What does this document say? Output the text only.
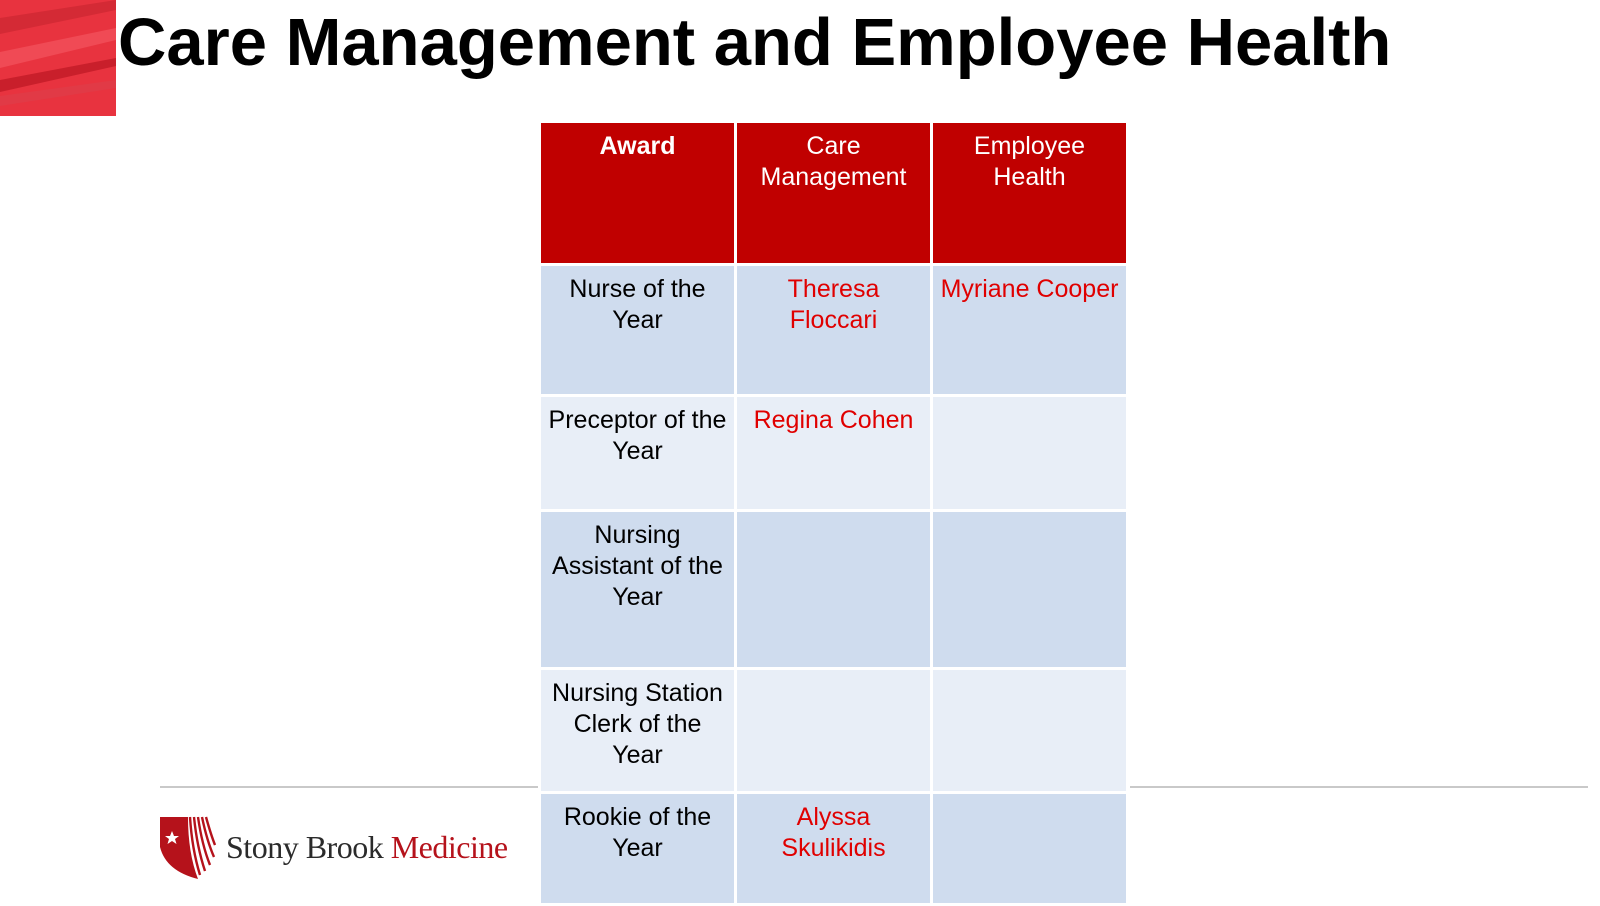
Care Management and Employee Health
Award	Care Management	Employee Health
Nurse of the Year	Theresa Floccari	Myriane Cooper
Preceptor of the Year	Regina Cohen	
Nursing Assistant of the Year		
Nursing Station Clerk of the Year		
Rookie of the Year	Alyssa Skulikidis	
Stony Brook Medicine
